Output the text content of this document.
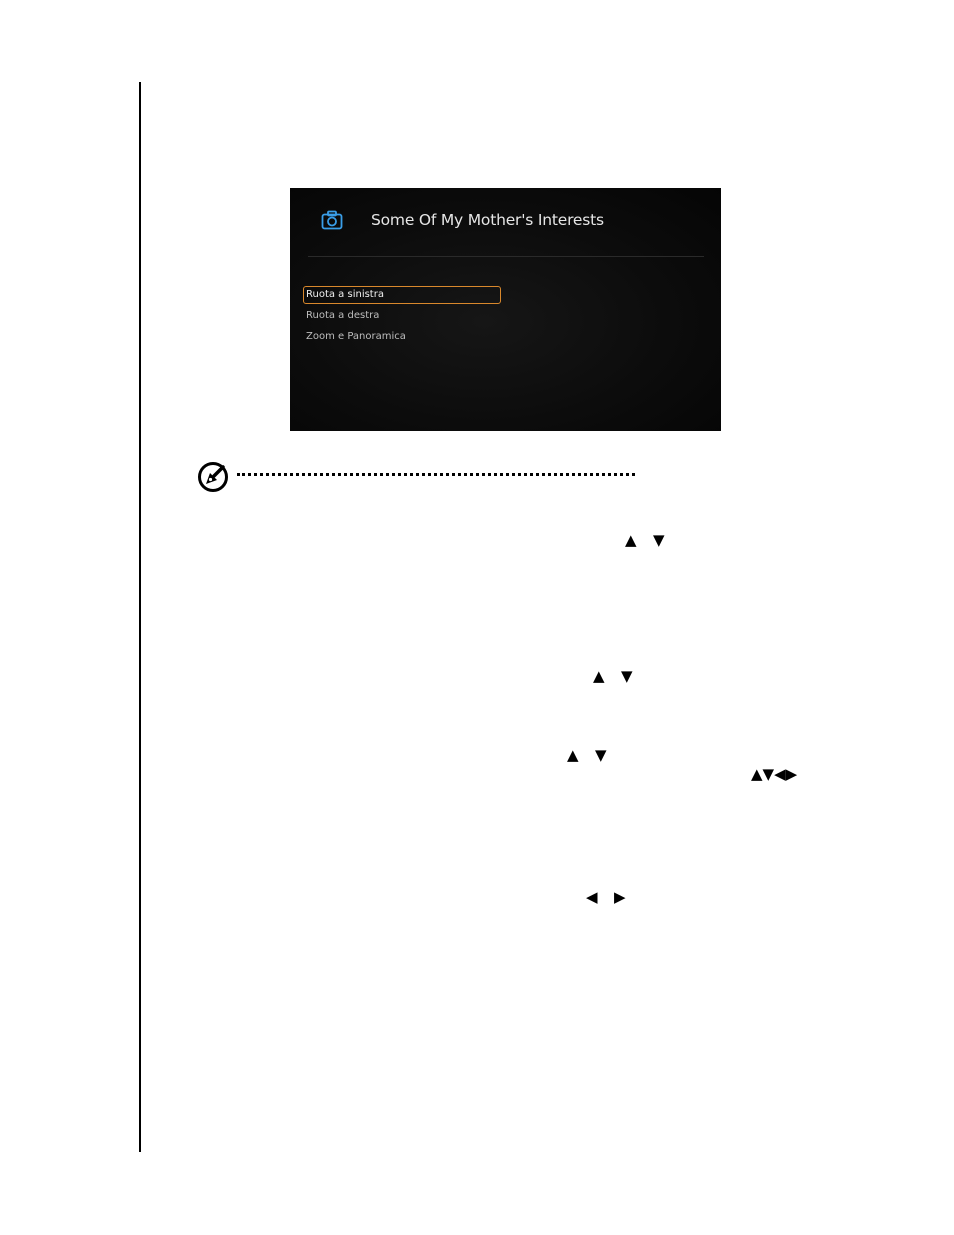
Some Of My Mother's Interests
Ruota a sinistra
Ruota a destra
Zoom e Panoramica
▲ ▼
▲ ▼
▲ ▼
▲▼◀▶
◀ ▶
